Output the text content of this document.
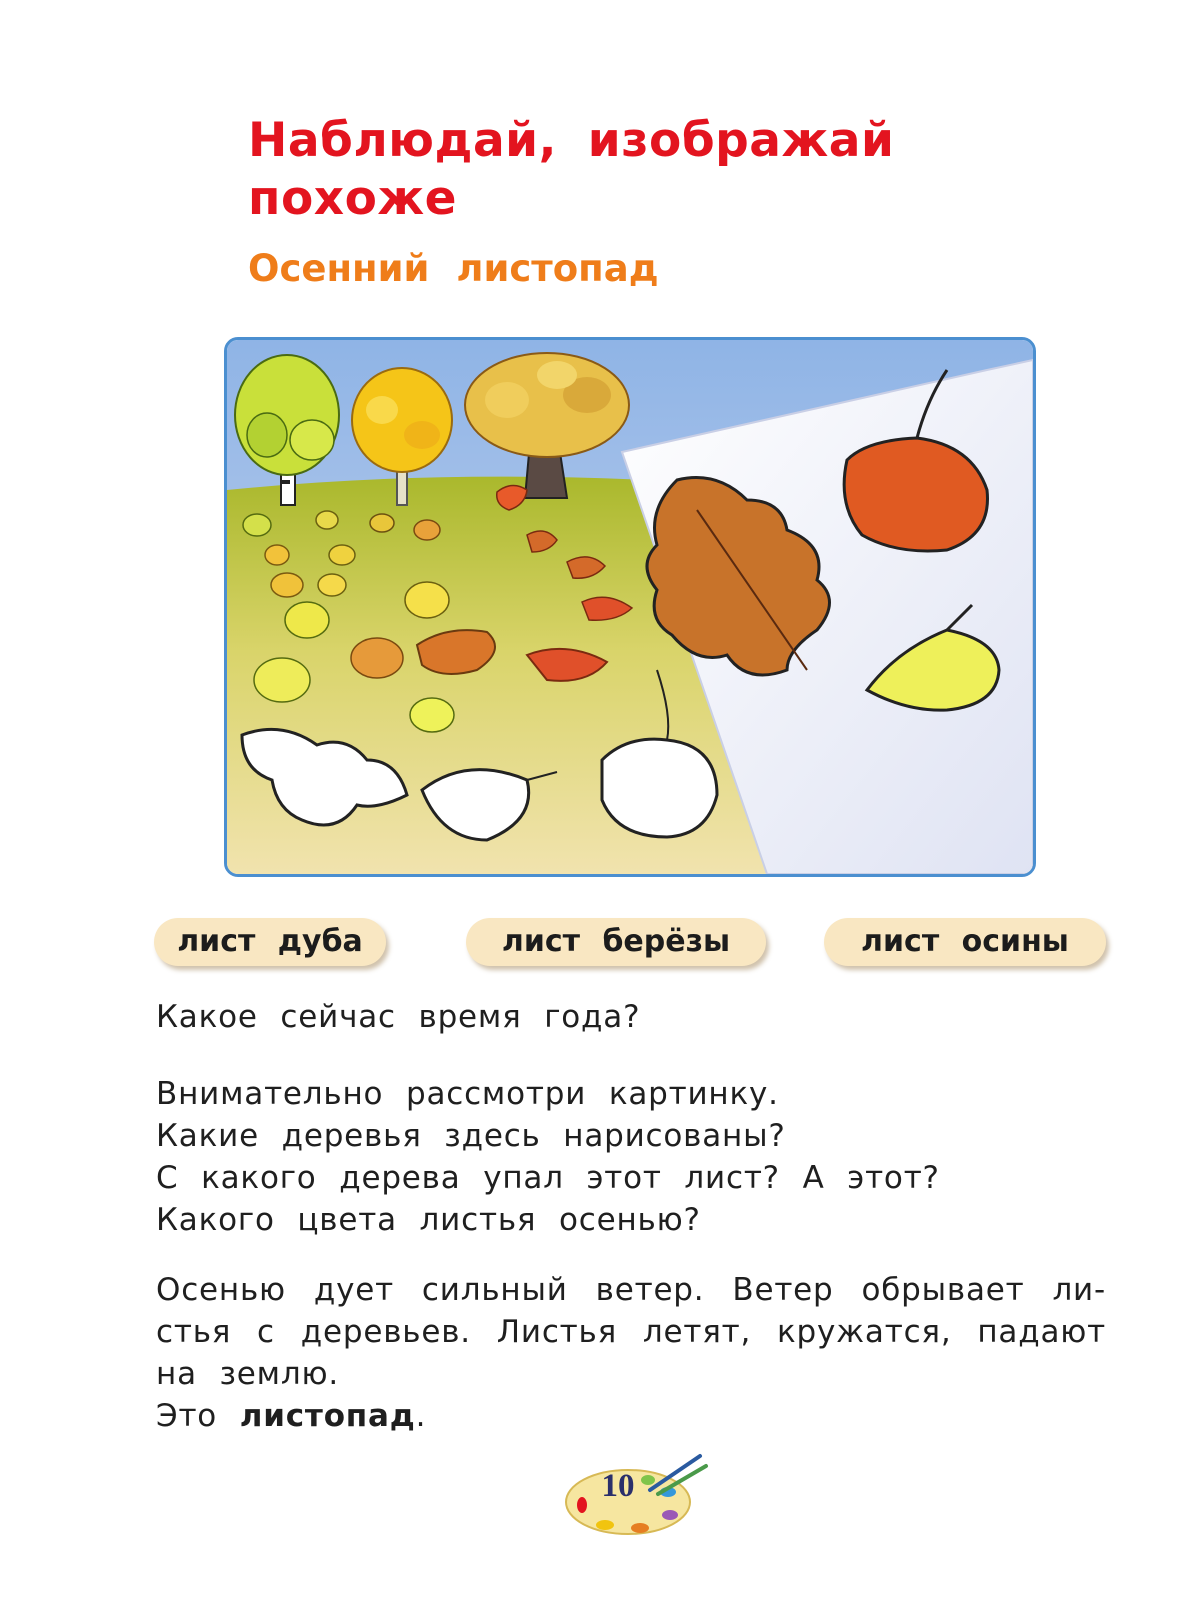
Наблюдай, изображай
похоже
Осенний листопад
лист дуба	лист берёзы	лист осины

Какое сейчас время года?

Внимательно рассмотри картинку.
Какие деревья здесь нарисованы?
С какого дерева упал этот лист? А этот?
Какого цвета листья осенью?

Осенью дует сильный ветер. Ветер обрывает ли-
стья с деревьев. Листья летят, кружатся, падают
на землю.
Это листопад.

10
